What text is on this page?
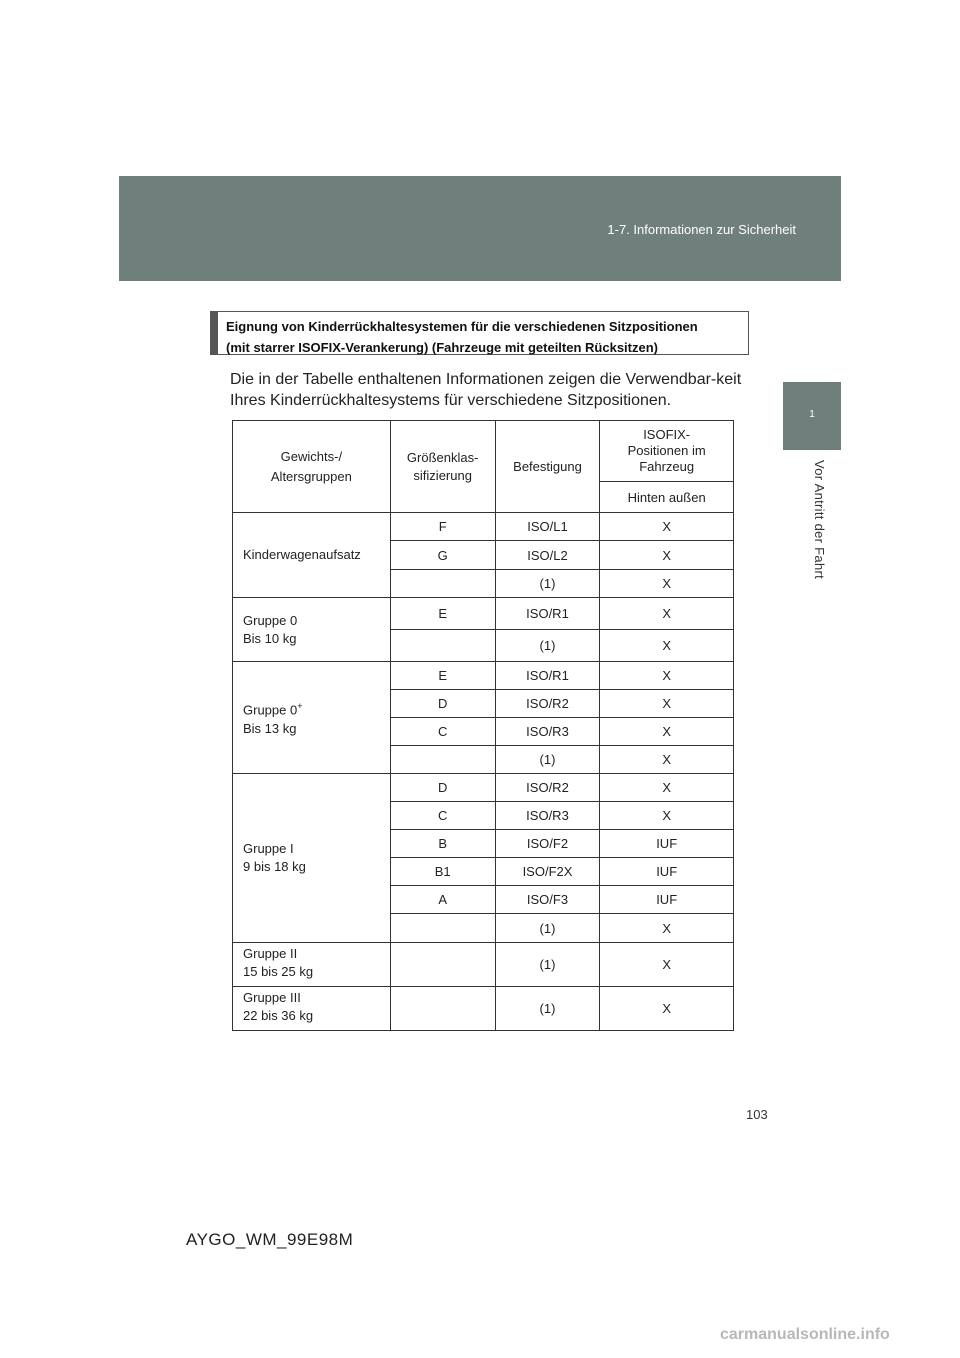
1-7. Informationen zur Sicherheit
1
Vor Antritt der Fahrt
Eignung von Kinderrückhaltesystemen für die verschiedenen Sitzpositionen
(mit starrer ISOFIX-Verankerung) (Fahrzeuge mit geteilten Rücksitzen)
Die in der Tabelle enthaltenen Informationen zeigen die Verwendbar-keit Ihres Kinderrückhaltesystems für verschiedene Sitzpositionen.
Gewichts-/ Altersgruppen	Größenklas- sifizierung	Befestigung	ISOFIX- Positionen im Fahrzeug
			Hinten außen

Kinderwagenaufsatz	F	ISO/L1	X
	G	ISO/L2	X
		(1)	X

Gruppe 0
Bis 10 kg	E	ISO/R1	X
		(1)	X
Gruppe 0+

Bis 13 kg	E	ISO/R1	X
	D	ISO/R2	X
	C	ISO/R3	X
		(1)	X

Gruppe I
9 bis 18 kg	D	ISO/R2	X
	C	ISO/R3	X
	B	ISO/F2	IUF
	B1	ISO/F2X	IUF
	A	ISO/F3	IUF
		(1)	X

Gruppe II
15 bis 25 kg		(1)	X

Gruppe III
22 bis 36 kg		(1)	X
103
AYGO_WM_99E98M
carmanualsonline.info
